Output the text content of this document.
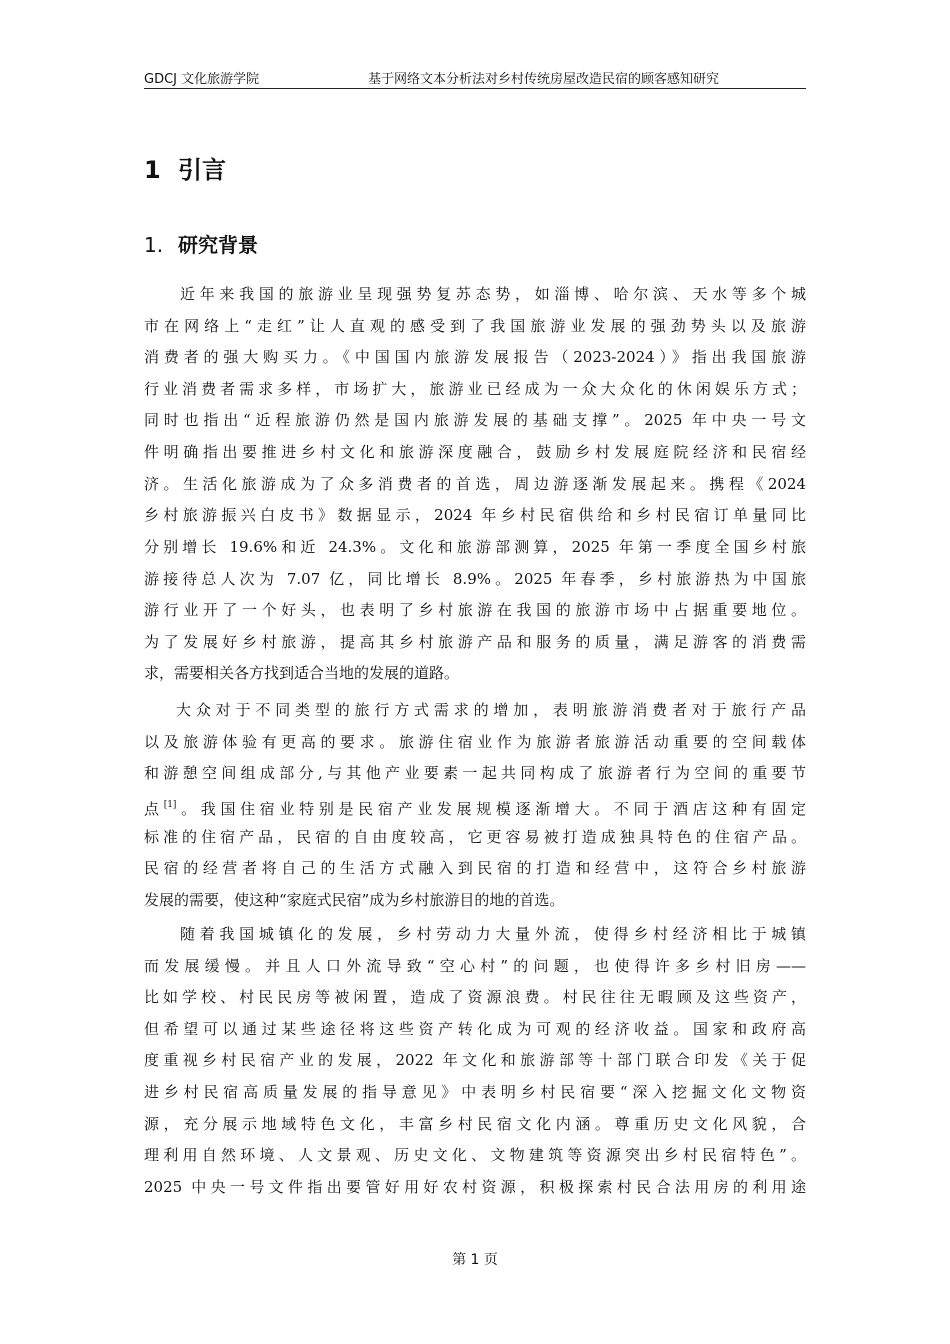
GDCJ 文化旅游学院	基于网络文本分析法对乡村传统房屋改造民宿的顾客感知研究
1 引言
1. 研究背景
近年来我国的旅游业呈现强势复苏态势，如淄博、哈尔滨、天水等多个城
市在网络上“走红”让人直观的感受到了我国旅游业发展的强劲势头以及旅游
消费者的强大购买力。《中国国内旅游发展报告（2023-2024）》指出我国旅游
行业消费者需求多样，市场扩大，旅游业已经成为一众大众化的休闲娱乐方式；
同时也指出“近程旅游仍然是国内旅游发展的基础支撑”。2025 年中央一号文
件明确指出要推进乡村文化和旅游深度融合，鼓励乡村发展庭院经济和民宿经
济。生活化旅游成为了众多消费者的首选，周边游逐渐发展起来。携程《2024
乡村旅游振兴白皮书》数据显示，2024 年乡村民宿供给和乡村民宿订单量同比
分别增长 19.6%和近 24.3%。文化和旅游部测算，2025 年第一季度全国乡村旅
游接待总人次为 7.07 亿，同比增长 8.9%。2025 年春季，乡村旅游热为中国旅
游行业开了一个好头，也表明了乡村旅游在我国的旅游市场中占据重要地位。
为了发展好乡村旅游，提高其乡村旅游产品和服务的质量，满足游客的消费需
求，需要相关各方找到适合当地的发展的道路。
大众对于不同类型的旅行方式需求的增加，表明旅游消费者对于旅行产品
以及旅游体验有更高的要求。旅游住宿业作为旅游者旅游活动重要的空间载体
和游憩空间组成部分,与其他产业要素一起共同构成了旅游者行为空间的重要节
点[1]。我国住宿业特别是民宿产业发展规模逐渐增大。不同于酒店这种有固定
标准的住宿产品，民宿的自由度较高，它更容易被打造成独具特色的住宿产品。
民宿的经营者将自己的生活方式融入到民宿的打造和经营中，这符合乡村旅游
发展的需要，使这种“家庭式民宿”成为乡村旅游目的地的首选。
随着我国城镇化的发展，乡村劳动力大量外流，使得乡村经济相比于城镇
而发展缓慢。并且人口外流导致“空心村”的问题，也使得许多乡村旧房——
比如学校、村民民房等被闲置，造成了资源浪费。村民往往无暇顾及这些资产，
但希望可以通过某些途径将这些资产转化成为可观的经济收益。国家和政府高
度重视乡村民宿产业的发展，2022 年文化和旅游部等十部门联合印发《关于促
进乡村民宿高质量发展的指导意见》中表明乡村民宿要“深入挖掘文化文物资
源，充分展示地域特色文化，丰富乡村民宿文化内涵。尊重历史文化风貌，合
理利用自然环境、人文景观、历史文化、文物建筑等资源突出乡村民宿特色”。
2025 中央一号文件指出要管好用好农村资源，积极探索村民合法用房的利用途
第 1 页
